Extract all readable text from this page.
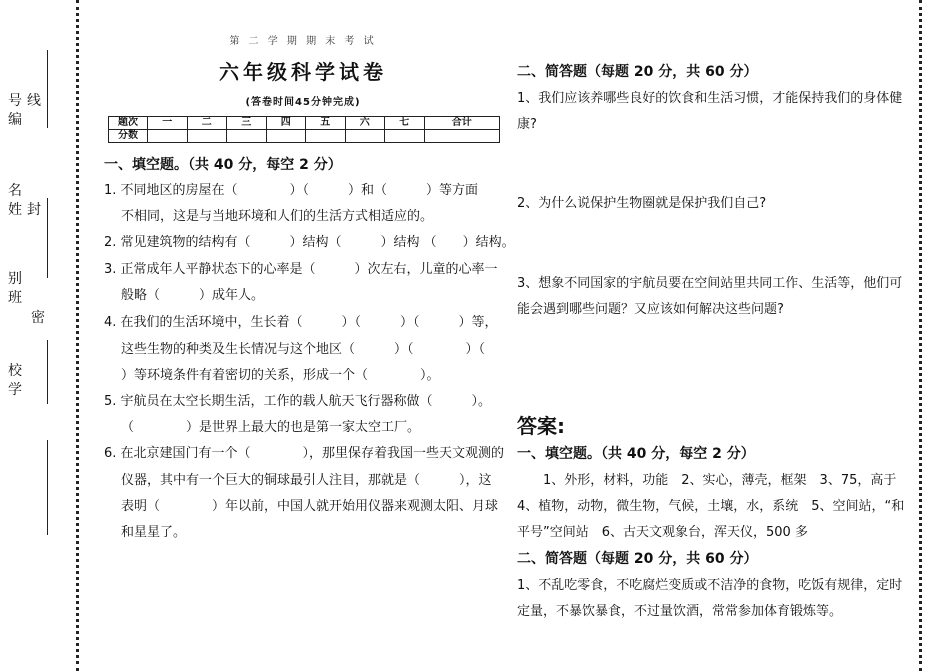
号
编
线
名
姓 封
别
班
密
校
学
第 二 学 期 期 末 考 试
六年级科学试卷
(答卷时间45分钟完成)
题次	一	二	三	四	五	六	七	合计
分数								
一、填空题。（共 40 分，每空 2 分）
1. 不同地区的房屋在（　　　　）（　　　）和（　　　）等方面
不相同，这是与当地环境和人们的生活方式相适应的。
2. 常见建筑物的结构有（　　　）结构（　　　）结构 （　　）结构。
3. 正常成年人平静状态下的心率是（　　　）次左右，儿童的心率一
般略（　　　）成年人。
4. 在我们的生活环境中，生长着（　　　）（　　　）（　　　）等，
这些生物的种类及生长情况与这个地区（　　　）（　　　　）（
）等环境条件有着密切的关系，形成一个（　　　　）。
5. 宇航员在太空长期生活，工作的载人航天飞行器称做（　　　）。
（　　　　）是世界上最大的也是第一家太空工厂。
6. 在北京建国门有一个（　　　　），那里保存着我国一些天文观测的
仪器，其中有一个巨大的铜球最引人注目，那就是（　　　），这
表明（　　　　）年以前，中国人就开始用仪器来观测太阳、月球
和星星了。
二、简答题（每题 20 分，共 60 分）
1、我们应该养哪些良好的饮食和生活习惯，才能保持我们的身体健
康?
2、为什么说保护生物圈就是保护我们自己?
3、想象不同国家的宇航员要在空间站里共同工作、生活等，他们可
能会遇到哪些问题？又应该如何解决这些问题?
答案:
一、填空题。（共 40 分，每空 2 分）
　　1、外形，材料，功能　2、实心，薄壳，框架　3、75，高于
4、植物，动物，微生物，气候，土壤，水，系统　5、空间站，“和
平号”空间站　6、古天文观象台，浑天仪，500 多
二、简答题（每题 20 分，共 60 分）
1、不乱吃零食，不吃腐烂变质或不洁净的食物，吃饭有规律，定时
定量，不暴饮暴食，不过量饮酒，常常参加体育锻炼等。
